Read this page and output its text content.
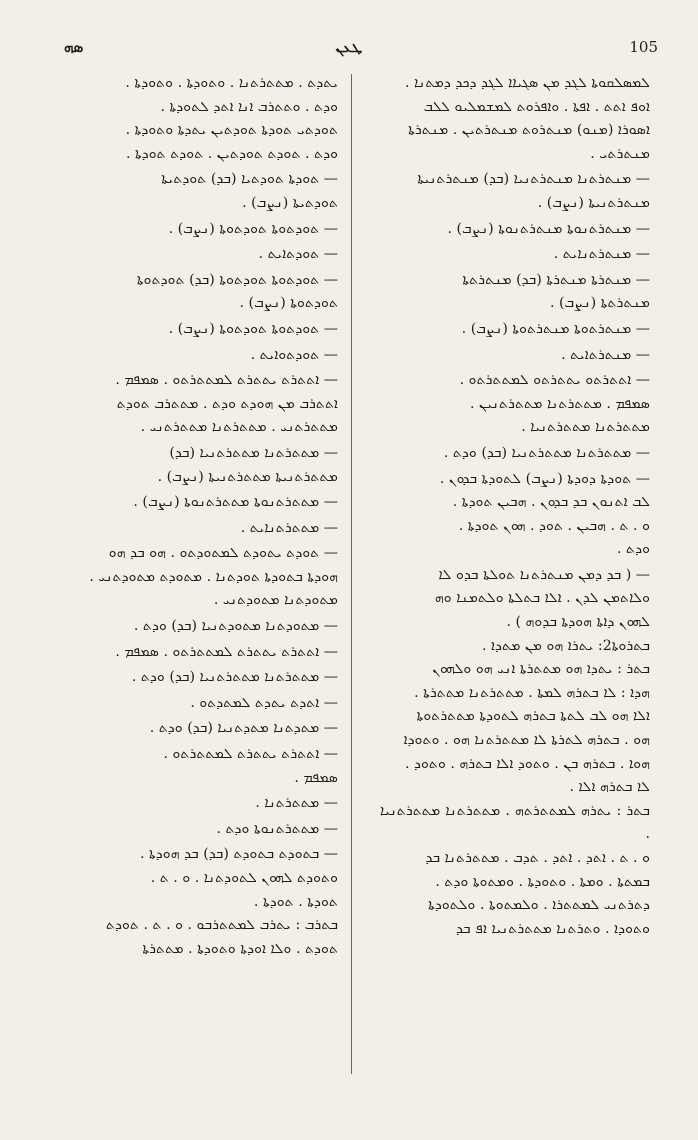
ܣܗ	ܛܥܢ	105

ܠܡܣܠܩܘܬܐ ܠܓܕ ܡܢ ܣܓܝܐܐ ܠܓܕ ܕܟܕ ܕܡܬܢܐ .

ܐܘܦ ܐܬܬ . ܐܦܬܐ . ܘܐܦܪܘܬ ܠܡܫܡܠܝܘ ܠܠܒ

ܐܣܘܪܐ (ܡܢܘ) ܡܢܬܪܘܬ ܡܢܬܪܬܝܢ . ܡܢܬܪܬܐ

ܡܢܬܪܬܝ .

— ܡܢܬܪܬܢܐ ܡܢܬܪܬܢܝܐ (ܒܕ) ܡܢܬܪܬܢܝܬܐ

ܡܢܬܪܬܢܝܬܐ (ܢܨܒ) .

— ܡܢܬܪܬܢܘܬܐ ܡܢܬܪܬܢܘܬܐ (ܢܨܒ) .

— ܡܢܬܪܬܢܐܝܬ .

— ܡܢܬܪܬܐ ܡܢܬܪܬܐ (ܒܕ) ܡܢܬܪܬܬܐ

ܡܢܬܪܬܬܐ (ܢܨܒ) .

— ܡܢܬܪܬܘܬܐ ܡܢܬܪܬܘܬܐ (ܢܨܒ) .

— ܡܢܬܪܬܐܝܬ .

— ܐܬܬܪܬܘ ܝܬܬܪܬܘ ܠܡܬܬܪܬܘ .

ܣܡܦܡ . ܡܬܬܪܬܢܐ ܡܬܬܪܬܢܝܢ .

ܡܬܬܪܬܢܐ ܡܬܬܪܬܢܝܐ .

— ܡܬܬܪܬܢܐ ܡܬܬܪܬܢܝܐ (ܒܕ) ܘܕܬ .

— ܬܘܕܬܐ ܕܘܕܬܐ (ܢܨܒ) ܠܬܘܕܬܐ ܒܕܘܢ .

ܠܒ ܐܬܢܘܢ ܒܕ ܒܕܘܢ . ܗܒܝܢ ܬܘܕܬܐ .

ܘ . ܬ . ܗܒܝܢ . ܬܘܕ . ܗܘܢ ܬܘܕܬܐ .

ܘܕܬ .

— ( ܒܕ ܕܡܢ ܡܢܬܪܬܢܐ ܬܘܠܬܐ ܒܕܘ ܠܐ

ܘܠܐܬܡܢ ܠܕܢ . ܐܠܐ ܒܬܠܬܐ ܘܠܬܡܢܐ ܘܗ

ܠܗܘܢ ܕܐܬܐ ܗܘܕܬܐ ܒܕܘܗ ) .

ܒܬܪܘܬܐ2: ܝܬܪܐ ܗܘ ܡܢ ܡܬܕܐ .

ܒܬܪ : ܝܬܕܐ ܗܘ ܡܬܬܪܬܐ ܐܢܝ ܗܘ ܘܠܗܘܢ

ܗܕܐ : ܠܐ ܒܬܪܗ ܠܡܬܐ . ܡܬܬܪܬܢܐ ܡܬܬܪܬܐ .

ܐܠܐ ܗܘ ܠܒ ܠܬܬܐ ܒܬܪܗ ܠܬܘܕܬܐ ܡܬܬܪܬܘܬܐ

ܗܘ . ܒܬܪܗ ܠܬܪܬܐ ܠܐ ܡܬܬܪܬܢܐ ܗܘ . ܘܬܘܕܐ

ܗܘܐ . ܒܬܪܗ ܒܢ . ܘܬܘܕ ܐܠܐ ܒܬܪܗ . ܘܬܘܕ .

ܠܐ ܒܬܪܗ ܐܠܐ .

ܒܬܪ : ܝܬܪܗ ܠܡܬܬܪܬܗ . ܡܬܬܪܬܢܐ ܡܬܬܪܬܢܝܐ .

ܘ . ܬ . ܐܬܕ . ܐܬܕ . ܬܕܒ . ܡܬܬܪܬܢܐ ܒܕ

ܒܡܬܬܐ . ܘܡܬܐ . ܘܬܘܕܬܐ . ܘܡܬܘܬܐ ܘܕܬ .

ܕܬܪܬܢܝ ܠܡܬܬܪܐ . ܘܠܡܬܘܬܐ . ܘܠܬܘܕܬܐ

ܘܬܘܕܐ . ܘܬܪܬܢܐ ܡܬܬܪܬܢܝܐ ܐܦ ܒܕ

ܝܬܕܬ . ܡܬܬܪܬܢܐ . ܘܬܘܕܬܐ . ܘܬܘܕܬܐ .

ܘܕܬ . ܘܬܬܪܒ ܐܢܐ ܐܬܕ ܠܬܘܕܬܐ .

ܬܘܕܬܝ ܬܘܕܬܐ ܬܘܕܬܝܢ ܝܬܕܬܐ ܘܬܘܕܬܐ .

ܘܕܬ . ܬܘܕܬ ܬܘܕܬܝܢ . ܬܘܕܬ ܬܘܕܬܐ .

— ܬܘܕܬܐ ܬܘܕܬܝܐ (ܒܕ) ܬܘܕܬܝܬܐ

ܬܘܕܬܝܬܐ (ܢܨܒ) .

— ܬܘܕܬܘܬܐ ܬܘܕܬܘܬܐ (ܢܨܒ) .

— ܬܘܕܬܐܝܬ .

— ܬܘܕܬܘܬܐ ܬܘܕܬܘܬܐ (ܒܕ) ܬܘܕܬܘܬܐ

ܬܘܕܬܘܬܐ (ܢܨܒ) .

— ܬܘܕܬܘܬܐ ܬܘܕܬܘܬܐ (ܢܨܒ) .

— ܬܘܕܬܘܐܝܬ .

— ܐܬܬܪܬ ܝܬܬܪܬ ܠܡܬܬܪܬܘ . ܣܡܦܡ .

ܐܬܬܪܒ ܡܢ ܗܘܕܬ ܘܕܬ . ܡܬܬܪܒ ܬܘܕܬ

ܡܬܬܪܬܢܝ . ܡܬܬܪܬܢܐ ܡܬܬܪܬܢܝ .

— ܡܬܬܪܬܢܐ ܡܬܬܪܬܢܝܐ (ܒܕ)

ܡܬܬܪܬܢܝܬܐ ܡܬܬܪܬܢܝܬܐ (ܢܨܒ) .

— ܡܬܬܪܬܢܘܬܐ ܡܬܬܪܬܢܘܬܐ (ܢܨܒ) .

— ܡܬܬܪܬܢܐܝܬ .

— ܬܘܕܬ ܝܬܘܕܬ ܠܡܬܘܕܬܘ . ܗܘ ܒܕ ܗܘ

ܗܘܕܬܐ ܒܬܘܕܬܐ ܬܘܕܬܢܐ . ܡܬܘܕܬ ܡܬܘܕܬܢܝ .

ܡܬܘܕܬܢܐ ܡܬܘܕܬܢܝ .

— ܡܬܘܕܬܢܐ ܡܬܘܕܬܢܝܐ (ܒܕ) ܘܕܬ .

— ܐܬܬܪܬ ܝܬܬܪܬ ܠܡܬܬܪܬܘ . ܣܡܦܡ .

— ܡܬܬܪܬܢܐ ܡܬܬܪܬܢܝܐ (ܒܕ) ܘܕܬ .

— ܐܬܕܬ ܝܬܕܬ ܠܡܬܕܬܘ .

— ܡܬܕܬܢܐ ܡܬܕܬܢܝܐ (ܒܕ) ܘܕܬ .

— ܐܬܬܪܬ ܝܬܬܪܬ ܠܡܬܬܪܬܘ .

ܣܡܦܡ .

— ܡܬܬܪܬܢܐ .

— ܡܬܬܪܬܢܘܬܐ ܘܕܬ .

— ܒܬܘܕܬ ܒܬܘܕܬ (ܒܕ) ܒܕ ܗܘܕܬܐ .

ܘܬܘܕܬ ܠܗܘܢ ܠܬܘܕܬܢܐ . ܘ . ܬ .

ܬܘܕܬܐ . ܬܘܕܬܐ .

ܒܬܪܒ : ܝܬܪܒ ܠܡܬܬܪܒܘ . ܘ . ܬ . ܬܘܕܬ

ܬܘܕܬ . ܘܠܐ ܐܘܕܬܐ ܘܬܘܕܬܐ . ܡܬܬܪܬܐ
